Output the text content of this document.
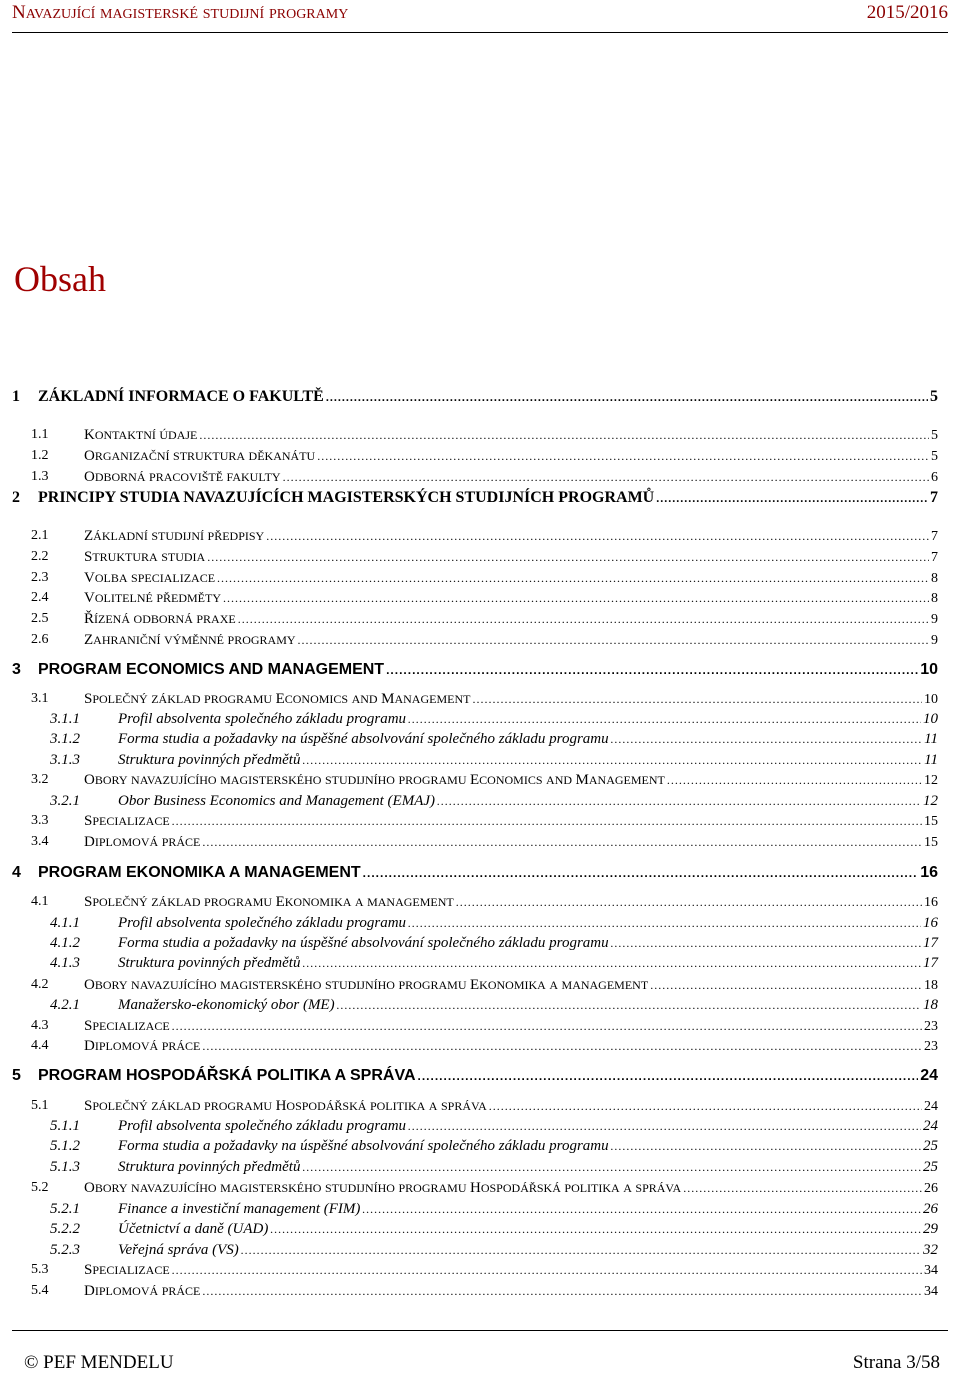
NAVAZUJÍCÍ MAGISTERSKÉ STUDIJNÍ PROGRAMY	2015/2016
Obsah
1 ZÁKLADNÍ INFORMACE O FAKULTĚ .....	5
1.1 KONTAKTNÍ ÚDAJE .....	5
1.2 ORGANIZAČNÍ STRUKTURA DĚKANÁTU .....	5
1.3 ODBORNÁ PRACOVIŠTĚ FAKULTY .....	6
2 PRINCIPY STUDIA NAVAZUJÍCÍCH MAGISTERSKÝCH STUDIJNÍCH PROGRAMŮ .....	7
2.1 ZÁKLADNÍ STUDIJNÍ PŘEDPISY .....	7
2.2 STRUKTURA STUDIA .....	7
2.3 VOLBA SPECIALIZACE .....	8
2.4 VOLITELNÉ PŘEDMĚTY .....	8
2.5 ŘÍZENÁ ODBORNÁ PRAXE .....	9
2.6 ZAHRANIČNÍ VÝMĚNNÉ PROGRAMY .....	9
3 PROGRAM ECONOMICS AND MANAGEMENT .....	10
3.1 SPOLEČNÝ ZÁKLAD PROGRAMU ECONOMICS AND MANAGEMENT .....	10
3.1.1	Profil absolventa společného základu programu .....	10
3.1.2	Forma studia a požadavky na úspěšné absolvování společného základu programu .....	11
3.1.3	Struktura povinných předmětů .....	11
3.2 OBORY NAVAZUJÍCÍHO MAGISTERSKÉHO STUDIJNÍHO PROGRAMU ECONOMICS AND MANAGEMENT .....	12
3.2.1	Obor Business Economics and Management (EMAJ) .....	12
3.3 SPECIALIZACE .....	15
3.4 DIPLOMOVÁ PRÁCE .....	15
4 PROGRAM EKONOMIKA A MANAGEMENT .....	16
4.1 SPOLEČNÝ ZÁKLAD PROGRAMU EKONOMIKA A MANAGEMENT .....	16
4.1.1	Profil absolventa společného základu programu .....	16
4.1.2	Forma studia a požadavky na úspěšné absolvování společného základu programu .....	17
4.1.3	Struktura povinných předmětů .....	17
4.2 OBORY NAVAZUJÍCÍHO MAGISTERSKÉHO STUDIJNÍHO PROGRAMU EKONOMIKA A MANAGEMENT .....	18
4.2.1	Manažersko-ekonomický obor (ME) .....	18
4.3 SPECIALIZACE .....	23
4.4 DIPLOMOVÁ PRÁCE .....	23
5 PROGRAM HOSPODÁŘSKÁ POLITIKA A SPRÁVA .....	24
5.1 SPOLEČNÝ ZÁKLAD PROGRAMU HOSPODÁŘSKÁ POLITIKA A SPRÁVA .....	24
5.1.1	Profil absolventa společného základu programu .....	24
5.1.2	Forma studia a požadavky na úspěšné absolvování společného základu programu .....	25
5.1.3	Struktura povinných předmětů .....	25
5.2 OBORY NAVAZUJÍCÍHO MAGISTERSKÉHO STUDIJNÍHO PROGRAMU HOSPODÁŘSKÁ POLITIKA A SPRÁVA .....	26
5.2.1	Finance a investiční management (FIM) .....	26
5.2.2	Účetnictví a daně (UAD) .....	29
5.2.3	Veřejná správa (VS) .....	32
5.3 SPECIALIZACE .....	34
5.4 DIPLOMOVÁ PRÁCE .....	34
© PEF MENDELU	Strana 3/58
